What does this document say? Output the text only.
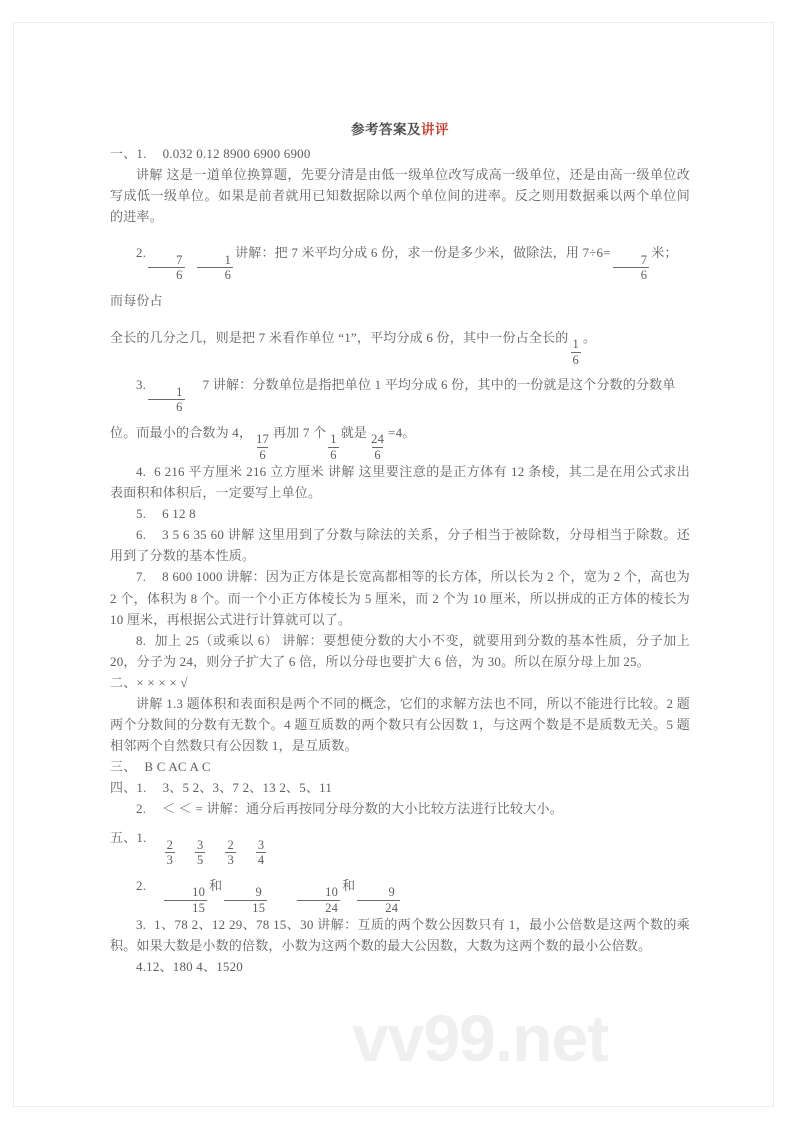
vv99.net
参考答案及讲评

一、1. 0.032 0.12 8900 6900 6900

讲解 这是一道单位换算题，先要分清是由低一级单位改写成高一级单位，还是由高一级单位改写成低一级单位。如果是前者就用已知数据除以两个单位间的进率。反之则用数据乘以两个单位间的进率。

2.
$\frac{7}{6} \frac{1}{6}$
讲解：把 7 米平均分成 6 份，求一份是多少米，做除法，用 7÷6=
$\frac{7}{6}$
米；而每份占

全长的几分之几，则是把 7 米看作单位 “1”，平均分成 6 份，其中一份占全长的
$\frac{1}{6}$
。

3.
$\frac{1}{6}$
7 讲解：分数单位是指把单位 1 平均分成 6 份，其中的一份就是这个分数的分数单

位。而最小的合数为 4，
$\frac{17}{6}$
再加 7 个
$\frac{1}{6}$
就是
$\frac{24}{6}$
=4。

4. 6 216 平方厘米 216 立方厘米 讲解 这里要注意的是正方体有 12 条棱，其二是在用公式求出表面积和体积后，一定要写上单位。

5. 6 12 8

6. 3 5 6 35 60 讲解 这里用到了分数与除法的关系，分子相当于被除数，分母相当于除数。还用到了分数的基本性质。

7. 8 600 1000 讲解：因为正方体是长宽高都相等的长方体，所以长为 2 个，宽为 2 个，高也为 2 个，体积为 8 个。而一个小正方体棱长为 5 厘米，而 2 个为 10 厘米，所以拼成的正方体的棱长为 10 厘米，再根据公式进行计算就可以了。

8. 加上 25（或乘以 6） 讲解：要想使分数的大小不变，就要用到分数的基本性质，分子加上 20，分子为 24，则分子扩大了 6 倍，所以分母也要扩大 6 倍，为 30。所以在原分母上加 25。

二、× × × × √

讲解 1.3 题体积和表面积是两个不同的概念，它们的求解方法也不同，所以不能进行比较。2 题两个分数间的分数有无数个。4 题互质数的两个数只有公因数 1，与这两个数是不是质数无关。5 题相邻两个自然数只有公因数 1，是互质数。

三、 B C AC A C

四、1. 3、5 2、3、7 2、13 2、5、11

2. ＜ ＜ = 讲解：通分后再按同分母分数的大小比较方法进行比较大小。

五、1.
$\frac{2}{3} \frac{3}{5} \frac{2}{3} \frac{3}{4}$

2.
$\frac{10}{15}$
和
$\frac{9}{15} \frac{10}{24}$
和
$\frac{9}{24}$

3. 1、78 2、12 29、78 15、30 讲解：互质的两个数公因数只有 1，最小公倍数是这两个数的乘积。如果大数是小数的倍数，小数为这两个数的最大公因数，大数为这两个数的最小公倍数。

4.12、180 4、1520
